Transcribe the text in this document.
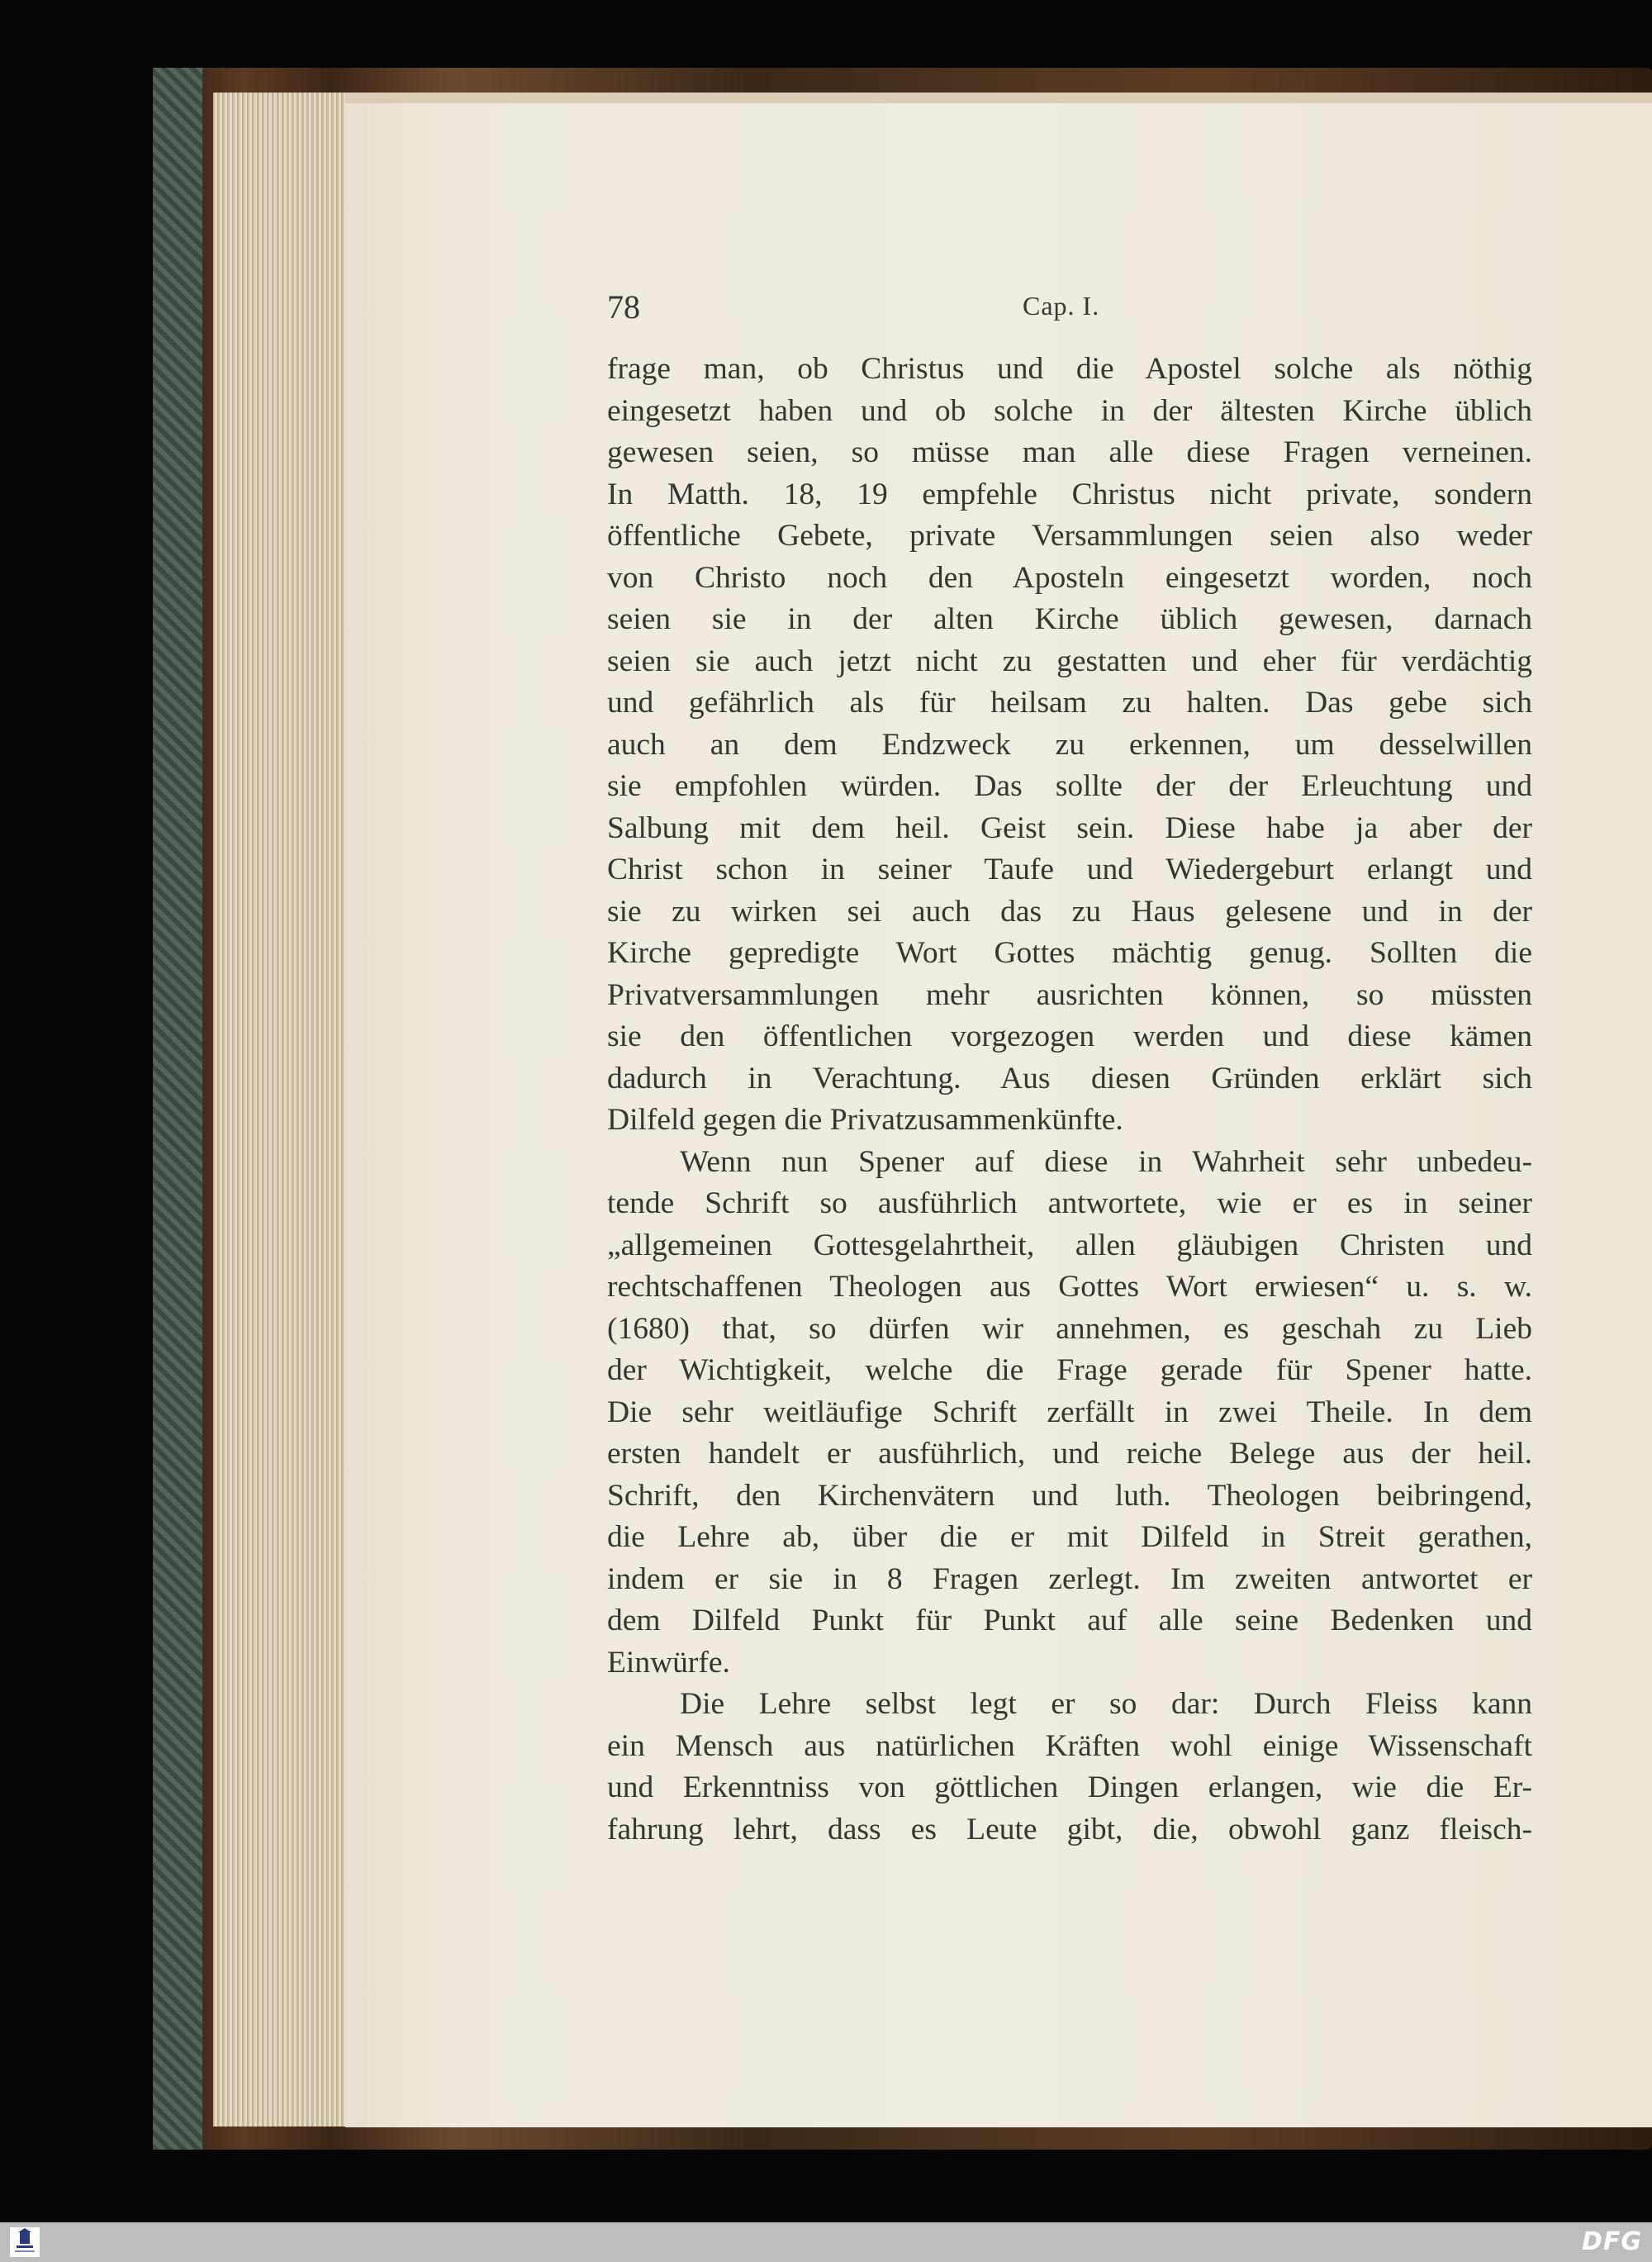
78	Cap. I.
frage man, ob Christus und die Apostel solche als nöthig
eingesetzt haben und ob solche in der ältesten Kirche üblich
gewesen seien, so müsse man alle diese Fragen verneinen.
In Matth. 18, 19 empfehle Christus nicht private, sondern
öffentliche Gebete, private Versammlungen seien also weder
von Christo noch den Aposteln eingesetzt worden, noch
seien sie in der alten Kirche üblich gewesen, darnach
seien sie auch jetzt nicht zu gestatten und eher für verdächtig
und gefährlich als für heilsam zu halten. Das gebe sich
auch an dem Endzweck zu erkennen, um desselwillen
sie empfohlen würden. Das sollte der der Erleuchtung und
Salbung mit dem heil. Geist sein. Diese habe ja aber der
Christ schon in seiner Taufe und Wiedergeburt erlangt und
sie zu wirken sei auch das zu Haus gelesene und in der
Kirche gepredigte Wort Gottes mächtig genug. Sollten die
Privatversammlungen mehr ausrichten können, so müssten
sie den öffentlichen vorgezogen werden und diese kämen
dadurch in Verachtung. Aus diesen Gründen erklärt sich
Dilfeld gegen die Privatzusammenkünfte.
Wenn nun Spener auf diese in Wahrheit sehr unbedeu-
tende Schrift so ausführlich antwortete, wie er es in seiner
„allgemeinen Gottesgelahrtheit, allen gläubigen Christen und
rechtschaffenen Theologen aus Gottes Wort erwiesen“ u. s. w.
(1680) that, so dürfen wir annehmen, es geschah zu Lieb
der Wichtigkeit, welche die Frage gerade für Spener hatte.
Die sehr weitläufige Schrift zerfällt in zwei Theile. In dem
ersten handelt er ausführlich, und reiche Belege aus der heil.
Schrift, den Kirchenvätern und luth. Theologen beibringend,
die Lehre ab, über die er mit Dilfeld in Streit gerathen,
indem er sie in 8 Fragen zerlegt. Im zweiten antwortet er
dem Dilfeld Punkt für Punkt auf alle seine Bedenken und
Einwürfe.
Die Lehre selbst legt er so dar: Durch Fleiss kann
ein Mensch aus natürlichen Kräften wohl einige Wissenschaft
und Erkenntniss von göttlichen Dingen erlangen, wie die Er-
fahrung lehrt, dass es Leute gibt, die, obwohl ganz fleisch-
DFG
